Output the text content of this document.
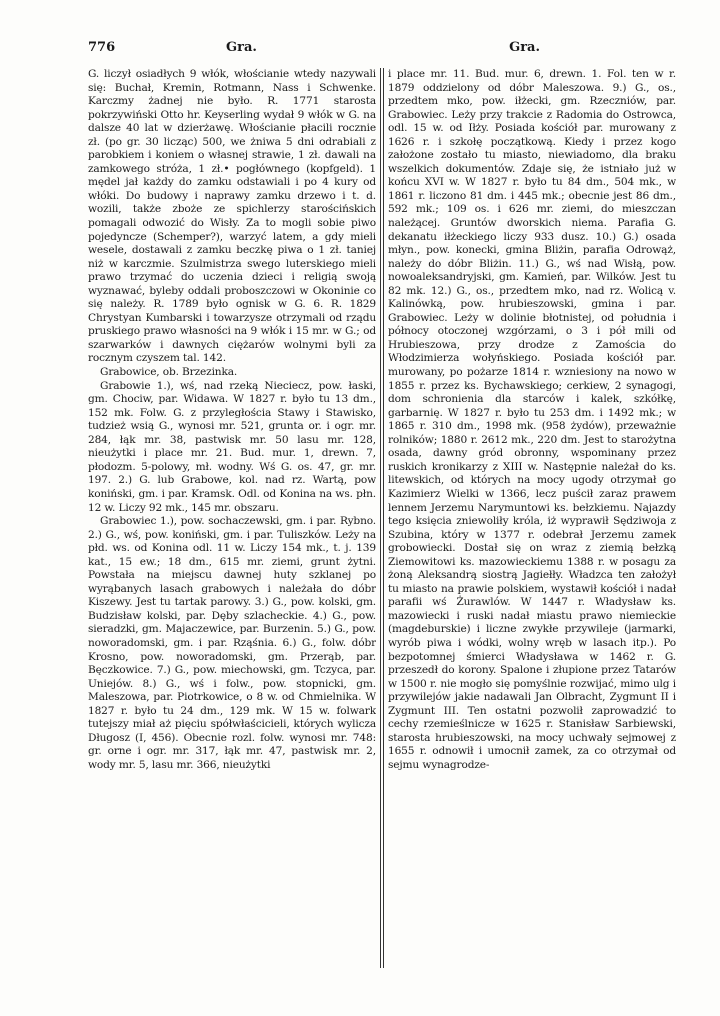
776	Gra.	Gra.

G. liczył osiadłych 9 włók, włościanie wtedy nazywali się: Buchał, Kremin, Rotmann, Nass i Schwenke. Karczmy żadnej nie było. R. 1771 starosta pokrzywiński Otto hr. Keyserling wydał 9 włók w G. na dalsze 40 lat w dzierżawę. Włościanie płacili rocznie zł. (po gr. 30 licząc) 500, we żniwa 5 dni odrabiali z parobkiem i koniem o własnej strawie, 1 zł. dawali na zamkowego stróża, 1 zł.• pogłównego (kopfgeld). 1 mędel jał każdy do zamku odstawiali i po 4 kury od włóki. Do budowy i naprawy zamku drzewo i t. d. wozili, także zboże ze spichlerzy starościńskich pomagali odwozić do Wisły. Za to mogli sobie piwo pojedyncze (Schemper?), warzyć latem, a gdy mieli wesele, dostawali z zamku beczkę piwa o 1 zł. taniej niż w karczmie. Szulmistrza swego luterskiego mieli prawo trzymać do uczenia dzieci i religią swoją wyznawać, byleby oddali proboszczowi w Okoninie co się należy. R. 1789 było ognisk w G. 6. R. 1829 Chrystyan Kumbarski i towarzysze otrzymali od rządu pruskiego prawo własności na 9 włók i 15 mr. w G.; od szarwarków i dawnych ciężarów wolnymi byli za rocznym czyszem tal. 142.

Grabowice, ob. Brzezinka.

Grabowie 1.), wś, nad rzeką Nieciecz, pow. łaski, gm. Chociw, par. Widawa. W 1827 r. było tu 13 dm., 152 mk. Folw. G. z przyległościa Stawy i Stawisko, tudzież wsią G., wynosi mr. 521, grunta or. i ogr. mr. 284, łąk mr. 38, pastwisk mr. 50 lasu mr. 128, nieużytki i place mr. 21. Bud. mur. 1, drewn. 7, płodozm. 5-polowy, mł. wodny. Wś G. os. 47, gr. mr. 197. 2.) G. lub Grabowe, kol. nad rz. Wartą, pow koniński, gm. i par. Kramsk. Odl. od Konina na ws. płn. 12 w. Liczy 92 mk., 145 mr. obszaru.

Grabowiec 1.), pow. sochaczewski, gm. i par. Rybno. 2.) G., wś, pow. koniński, gm. i par. Tuliszków. Leży na płd. ws. od Konina odl. 11 w. Liczy 154 mk., t. j. 139 kat., 15 ew.; 18 dm., 615 mr. ziemi, grunt żytni. Powstała na miejscu dawnej huty szklanej po wyrąbanych lasach grabowych i należała do dóbr Kiszewy. Jest tu tartak parowy. 3.) G., pow. kolski, gm. Budzisław kolski, par. Dęby szlacheckie. 4.) G., pow. sieradzki, gm. Majaczewice, par. Burzenin. 5.) G., pow. noworadomski, gm. i par. Rząśnia. 6.) G., folw. dóbr Krosno, pow. noworadomski, gm. Przerąb, par. Bęczkowice. 7.) G., pow. miechowski, gm. Tczyca, par. Uniejów. 8.) G., wś i folw., pow. stopnicki, gm. Maleszowa, par. Piotrkowice, o 8 w. od Chmielnika. W 1827 r. było tu 24 dm., 129 mk. W 15 w. folwark tutejszy miał aż pięciu spółwłaścicieli, których wylicza Długosz (I, 456). Obecnie rozl. folw. wynosi mr. 748: gr. orne i ogr. mr. 317, łąk mr. 47, pastwisk mr. 2, wody mr. 5, lasu mr. 366, nieużytki

i place mr. 11. Bud. mur. 6, drewn. 1. Fol. ten w r. 1879 oddzielony od dóbr Maleszowa. 9.) G., os., przedtem mko, pow. iłżecki, gm. Rzeczniów, par. Grabowiec. Leży przy trakcie z Radomia do Ostrowca, odl. 15 w. od Iłży. Posiada kościół par. murowany z 1626 r. i szkołę początkową. Kiedy i przez kogo założone zostało tu miasto, niewiadomo, dla braku wszelkich dokumentów. Zdaje się, że istniało już w końcu XVI w. W 1827 r. było tu 84 dm., 504 mk., w 1861 r. liczono 81 dm. i 445 mk.; obecnie jest 86 dm., 592 mk.; 109 os. i 626 mr. ziemi, do mieszczan należącej. Gruntów dworskich niema. Parafia G. dekanatu iłżeckiego liczy 933 dusz. 10.) G.) osada młyn., pow. konecki, gmina Bliżin, parafia Odrowąż, należy do dóbr Bliżin. 11.) G., wś nad Wisłą, pow. nowoaleksandryjski, gm. Kamień, par. Wilków. Jest tu 82 mk. 12.) G., os., przedtem mko, nad rz. Wolicą v. Kalinówką, pow. hrubieszowski, gmina i par. Grabowiec. Leży w dolinie błotnistej, od południa i północy otoczonej wzgórzami, o 3 i pół mili od Hrubieszowa, przy drodze z Zamościa do Włodzimierza wołyńskiego. Posiada kościół par. murowany, po pożarze 1814 r. wzniesiony na nowo w 1855 r. przez ks. Bychawskiego; cerkiew, 2 synagogi, dom schronienia dla starców i kalek, szkółkę, garbarnię. W 1827 r. było tu 253 dm. i 1492 mk.; w 1865 r. 310 dm., 1998 mk. (958 żydów), przeważnie rolników; 1880 r. 2612 mk., 220 dm. Jest to starożytna osada, dawny gród obronny, wspominany przez ruskich kronikarzy z XIII w. Następnie należał do ks. litewskich, od których na mocy ugody otrzymał go Kazimierz Wielki w 1366, lecz puścił zaraz prawem lennem Jerzemu Narymuntowi ks. bełzkiemu. Najazdy tego księcia zniewoliły króla, iż wyprawił Sędziwoja z Szubina, który w 1377 r. odebrał Jerzemu zamek grobowiecki. Dostał się on wraz z ziemią bełzką Ziemowitowi ks. mazowieckiemu 1388 r. w posagu za żoną Aleksandrą siostrą Jagiełły. Władzca ten założył tu miasto na prawie polskiem, wystawił kościół i nadał parafii wś Żurawlów. W 1447 r. Władysław ks. mazowiecki i ruski nadał miastu prawo niemieckie (magdeburskie) i liczne zwykłe przywileje (jarmarki, wyrób piwa i wódki, wolny wręb w lasach itp.). Po bezpotomnej śmierci Władysława w 1462 r. G. przeszedł do korony. Spalone i złupione przez Tatarów w 1500 r. nie mogło się pomyślnie rozwijać, mimo ulg i przywilejów jakie nadawali Jan Olbracht, Zygmunt II i Zygmunt III. Ten ostatni pozwolił zaprowadzić to cechy rzemieślnicze w 1625 r. Stanisław Sarbiewski, starosta hrubieszowski, na mocy uchwały sejmowej z 1655 r. odnowił i umocnił zamek, za co otrzymał od sejmu wynagrodze-
